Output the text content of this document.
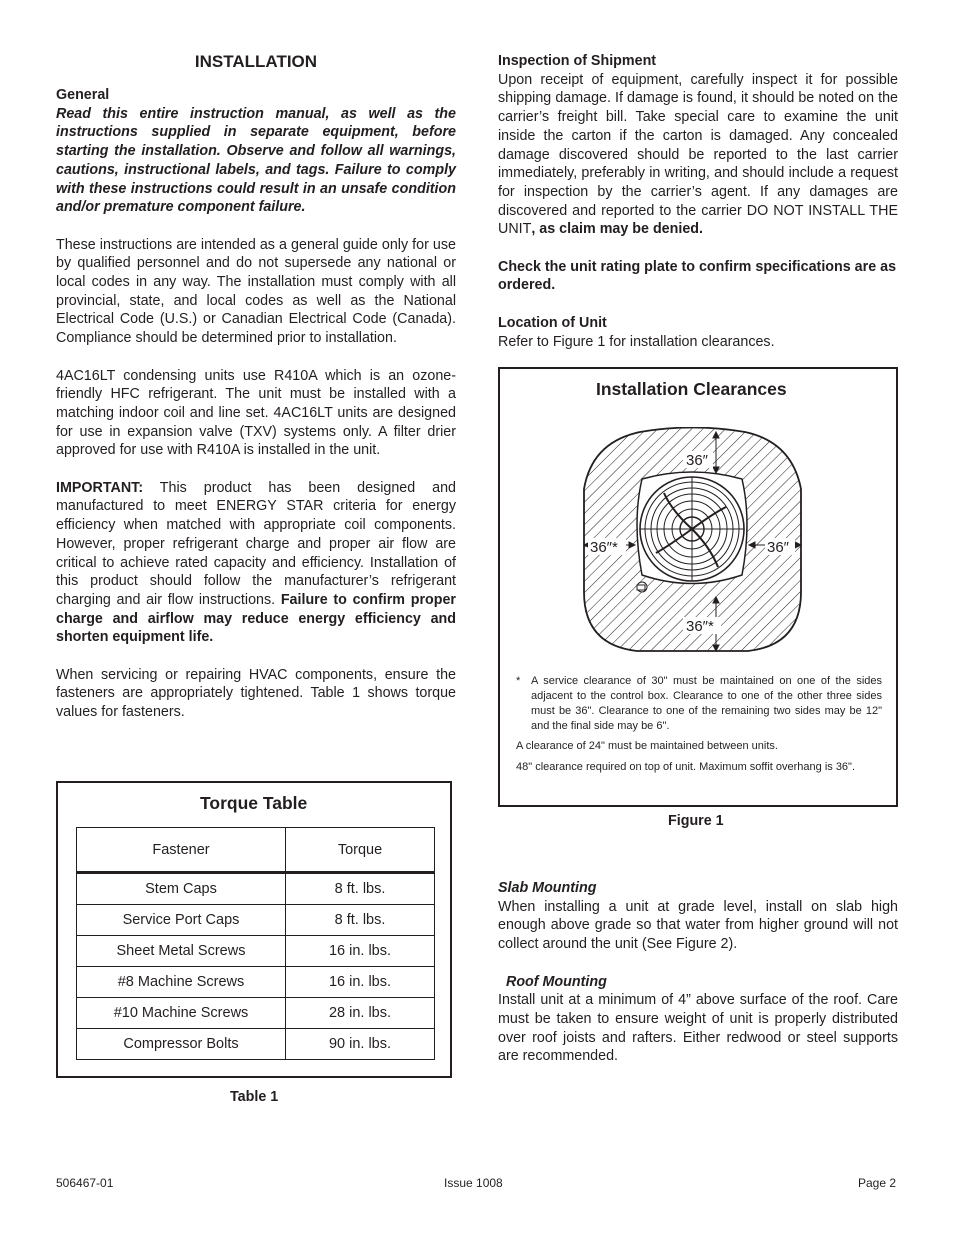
INSTALLATION

General

Read this entire instruction manual, as well as the instructions supplied in separate equipment, before starting the installation. Observe and follow all warnings, cautions, instructional labels, and tags. Failure to comply with these instructions could result in an unsafe condition and/or premature component failure.

These instructions are intended as a general guide only for use by qualified personnel and do not supersede any national or local codes in any way. The installation must comply with all provincial, state, and local codes as well as the National Electrical Code (U.S.) or Canadian Electrical Code (Canada). Compliance should be determined prior to installation.

4AC16LT condensing units use R410A which is an ozone-friendly HFC refrigerant. The unit must be installed with a matching indoor coil and line set. 4AC16LT units are designed for use in expansion valve (TXV) systems only. A filter drier approved for use with R410A is installed in the unit.

IMPORTANT: This product has been designed and manufactured to meet ENERGY STAR criteria for energy efficiency when matched with appropriate coil components. However, proper refrigerant charge and proper air flow are critical to achieve rated capacity and efficiency. Installation of this product should follow the manufacturer’s refrigerant charging and air flow instructions. Failure to confirm proper charge and airflow may reduce energy efficiency and shorten equipment life.

When servicing or repairing HVAC components, ensure the fasteners are appropriately tightened. Table 1 shows torque values for fasteners.

Torque Table
Fastener	Torque
Stem Caps	8 ft. lbs.
Service Port Caps	8 ft. lbs.
Sheet Metal Screws	16 in. lbs.
#8 Machine Screws	16 in. lbs.
#10 Machine Screws	28 in. lbs.
Compressor Bolts	90 in. lbs.
Table 1

Inspection of Shipment

Upon receipt of equipment, carefully inspect it for possible shipping damage. If damage is found, it should be noted on the carrier’s freight bill. Take special care to examine the unit inside the carton if the carton is damaged. Any concealed damage discovered should be reported to the last carrier immediately, preferably in writing, and should include a request for inspection by the carrier’s agent. If any damages are discovered and reported to the carrier DO NOT INSTALL THE UNIT, as claim may be denied.

Check the unit rating plate to confirm specifications are as ordered.

Location of Unit

Refer to Figure 1 for installation clearances.

Installation Clearances
36″
36″*	36″
36″*
* A service clearance of 30" must be maintained on one of the sides adjacent to the control box. Clearance to one of the other three sides must be 36". Clearance to one of the remaining two sides may be 12" and the final side may be 6".
A clearance of 24" must be maintained between units.
48" clearance required on top of unit. Maximum soffit overhang is 36".
Figure 1

Slab Mounting

When installing a unit at grade level, install on slab high enough above grade so that water from higher ground will not collect around the unit (See Figure 2).

Roof Mounting

Install unit at a minimum of 4” above surface of the roof. Care must be taken to ensure weight of unit is properly distributed over roof joists and rafters. Either redwood or steel supports are recommended.

506467-01	Issue 1008	Page 2
